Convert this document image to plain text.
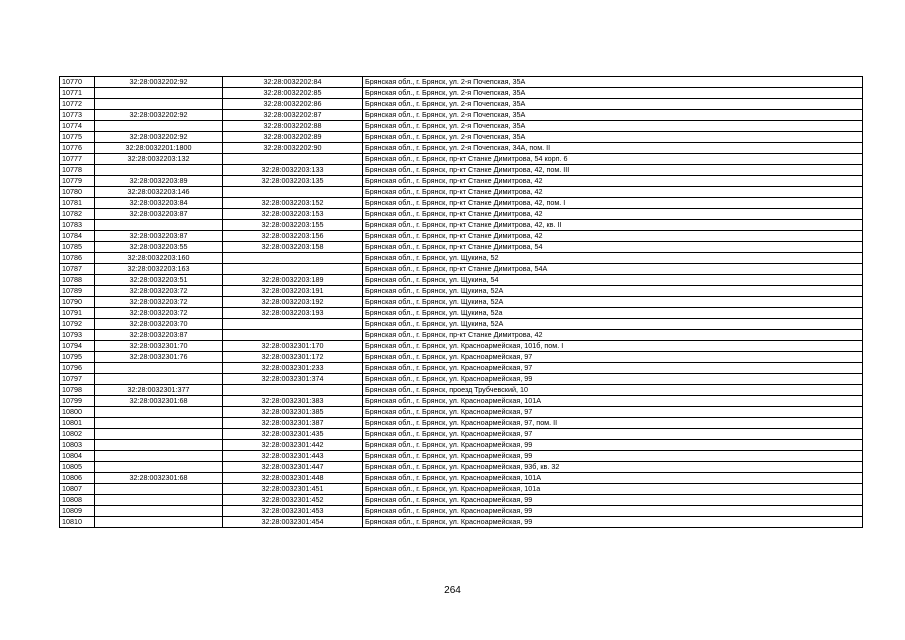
10770	32:28:0032202:92	32:28:0032202:84	Брянская обл., г. Брянск, ул. 2-я Почепская, 35А
10771		32:28:0032202:85	Брянская обл., г. Брянск, ул. 2-я Почепская, 35А
10772		32:28:0032202:86	Брянская обл., г. Брянск, ул. 2-я Почепская, 35А
10773	32:28:0032202:92	32:28:0032202:87	Брянская обл., г. Брянск, ул. 2-я Почепская, 35А
10774		32:28:0032202:88	Брянская обл., г. Брянск, ул. 2-я Почепская, 35А
10775	32:28:0032202:92	32:28:0032202:89	Брянская обл., г. Брянск, ул. 2-я Почепская, 35А
10776	32:28:0032201:1800	32:28:0032202:90	Брянская обл., г. Брянск, ул. 2-я Почепская, 34А, пом. II
10777	32:28:0032203:132		Брянская обл., г. Брянск, пр-кт Станке Димитрова, 54 корп. 6
10778		32:28:0032203:133	Брянская обл., г. Брянск, пр-кт Станке Димитрова, 42, пом. III
10779	32:28:0032203:89	32:28:0032203:135	Брянская обл., г. Брянск, пр-кт Станке Димитрова, 42
10780	32:28:0032203:146		Брянская обл., г. Брянск, пр-кт Станке Димитрова, 42
10781	32:28:0032203:84	32:28:0032203:152	Брянская обл., г. Брянск, пр-кт Станке Димитрова, 42, пом. I
10782	32:28:0032203:87	32:28:0032203:153	Брянская обл., г. Брянск, пр-кт Станке Димитрова, 42
10783		32:28:0032203:155	Брянская обл., г. Брянск, пр-кт Станке Димитрова, 42, кв. II
10784	32:28:0032203:87	32:28:0032203:156	Брянская обл., г. Брянск, пр-кт Станке Димитрова, 42
10785	32:28:0032203:55	32:28:0032203:158	Брянская обл., г. Брянск, пр-кт Станке Димитрова, 54
10786	32:28:0032203:160		Брянская обл., г. Брянск, ул. Щукина, 52
10787	32:28:0032203:163		Брянская обл., г. Брянск, пр-кт Станке Димитрова, 54А
10788	32:28:0032203:51	32:28:0032203:189	Брянская обл., г. Брянск, ул. Щукина, 54
10789	32:28:0032203:72	32:28:0032203:191	Брянская обл., г. Брянск, ул. Щукина, 52А
10790	32:28:0032203:72	32:28:0032203:192	Брянская обл., г. Брянск, ул. Щукина, 52А
10791	32:28:0032203:72	32:28:0032203:193	Брянская обл., г. Брянск, ул. Щукина, 52а
10792	32:28:0032203:70		Брянская обл., г. Брянск, ул. Щукина, 52А
10793	32:28:0032203:87		Брянская обл., г. Брянск, пр-кт Станке Димитрова, 42
10794	32:28:0032301:70	32:28:0032301:170	Брянская обл., г. Брянск, ул. Красноармейская, 101б, пом. I
10795	32:28:0032301:76	32:28:0032301:172	Брянская обл., г. Брянск, ул. Красноармейская, 97
10796		32:28:0032301:233	Брянская обл., г. Брянск, ул. Красноармейская, 97
10797		32:28:0032301:374	Брянская обл., г. Брянск, ул. Красноармейская, 99
10798	32:28:0032301:377		Брянская обл., г. Брянск, проезд Трубчевский, 10
10799	32:28:0032301:68	32:28:0032301:383	Брянская обл., г. Брянск, ул. Красноармейская, 101А
10800		32:28:0032301:385	Брянская обл., г. Брянск, ул. Красноармейская, 97
10801		32:28:0032301:387	Брянская обл., г. Брянск, ул. Красноармейская, 97, пом. II
10802		32:28:0032301:435	Брянская обл., г. Брянск, ул. Красноармейская, 97
10803		32:28:0032301:442	Брянская обл., г. Брянск, ул. Красноармейская, 99
10804		32:28:0032301:443	Брянская обл., г. Брянск, ул. Красноармейская, 99
10805		32:28:0032301:447	Брянская обл., г. Брянск, ул. Красноармейская, 93б, кв. 32
10806	32:28:0032301:68	32:28:0032301:448	Брянская обл., г. Брянск, ул. Красноармейская, 101А
10807		32:28:0032301:451	Брянская обл., г. Брянск, ул. Красноармейская, 101а
10808		32:28:0032301:452	Брянская обл., г. Брянск, ул. Красноармейская, 99
10809		32:28:0032301:453	Брянская обл., г. Брянск, ул. Красноармейская, 99
10810		32:28:0032301:454	Брянская обл., г. Брянск, ул. Красноармейская, 99
264
